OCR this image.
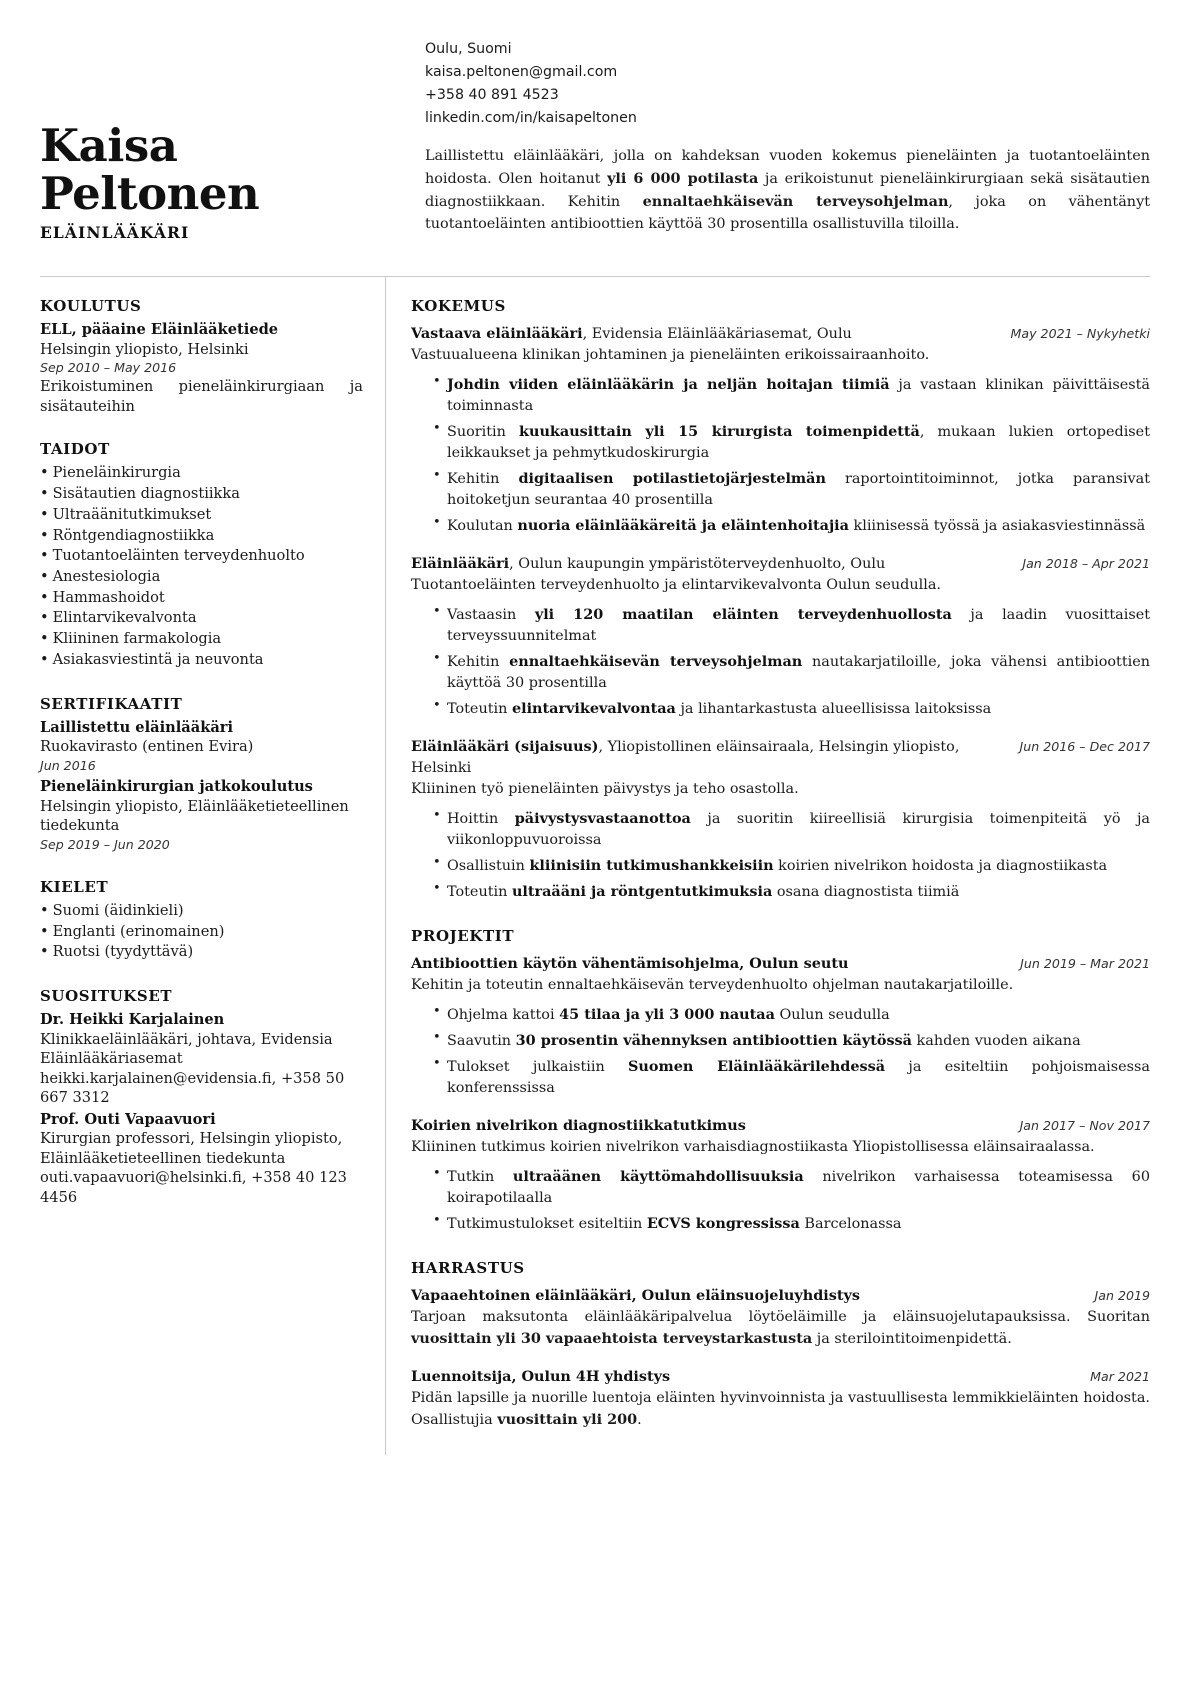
Kaisa
Peltonen
ELÄINLÄÄKÄRI
Oulu, Suomi
kaisa.peltonen@gmail.com
+358 40 891 4523
linkedin.com/in/kaisapeltonen
Laillistettu eläinlääkäri, jolla on kahdeksan vuoden kokemus pieneläinten ja tuotantoeläinten hoidosta. Olen hoitanut yli 6 000 potilasta ja erikoistunut pieneläinkirurgiaan sekä sisätautien diagnostiikkaan. Kehitin ennaltaehkäisevän terveysohjelman, joka on vähentänyt tuotantoeläinten antibioottien käyttöä 30 prosentilla osallistuvilla tiloilla.
KOULUTUS
ELL, pääaine Eläinlääketiede
Helsingin yliopisto, Helsinki
Sep 2010 – May 2016
Erikoistuminen pieneläinkirurgiaan ja sisätauteihin
TAIDOT
• Pieneläinkirurgia
• Sisätautien diagnostiikka
• Ultraäänitutkimukset
• Röntgendiagnostiikka
• Tuotantoeläinten terveydenhuolto
• Anestesiologia
• Hammashoidot
• Elintarvikevalvonta
• Kliininen farmakologia
• Asiakasviestintä ja neuvonta
SERTIFIKAATIT
Laillistettu eläinlääkäri
Ruokavirasto (entinen Evira)
Jun 2016
Pieneläinkirurgian jatkokoulutus
Helsingin yliopisto, Eläinlääketieteellinen tiedekunta
Sep 2019 – Jun 2020
KIELET
• Suomi (äidinkieli)
• Englanti (erinomainen)
• Ruotsi (tyydyttävä)
SUOSITUKSET
Dr. Heikki Karjalainen
Klinikkaeläinlääkäri, johtava, Evidensia Eläinlääkäriasemat
heikki.karjalainen@evidensia.fi, +358 50 667 3312
Prof. Outi Vapaavuori
Kirurgian professori, Helsingin yliopisto, Eläinlääketieteellinen tiedekunta
outi.vapaavuori@helsinki.fi, +358 40 123 4456
KOKEMUS
Vastaava eläinlääkäri, Evidensia Eläinlääkäriasemat, Oulu	May 2021 – Nykyhetki
Vastuualueena klinikan johtaminen ja pieneläinten erikoissairaanhoito.
• Johdin viiden eläinlääkärin ja neljän hoitajan tiimiä ja vastaan klinikan päivittäisestä toiminnasta
• Suoritin kuukausittain yli 15 kirurgista toimenpidettä, mukaan lukien ortopediset leikkaukset ja pehmytkudoskirurgia
• Kehitin digitaalisen potilastietojärjestelmän raportointitoiminnot, jotka paransivat hoitoketjun seurantaa 40 prosentilla
• Koulutan nuoria eläinlääkäreitä ja eläintenhoitajia kliinisessä työssä ja asiakasviestinnässä
Eläinlääkäri, Oulun kaupungin ympäristöterveydenhuolto, Oulu	Jan 2018 – Apr 2021
Tuotantoeläinten terveydenhuolto ja elintarvikevalvonta Oulun seudulla.
• Vastaasin yli 120 maatilan eläinten terveydenhuollosta ja laadin vuosittaiset terveyssuunnitelmat
• Kehitin ennaltaehkäisevän terveysohjelman nautakarjatiloille, joka vähensi antibioottien käyttöä 30 prosentilla
• Toteutin elintarvikevalvontaa ja lihantarkastusta alueellisissa laitoksissa
Eläinlääkäri (sijaisuus), Yliopistollinen eläinsairaala, Helsingin yliopisto, Helsinki
Jun 2016 – Dec 2017
Kliininen työ pieneläinten päivystys ja teho osastolla.
• Hoittin päivystysvastaanottoa ja suoritin kiireellisiä kirurgisia toimenpiteitä yö ja viikonloppuvuoroissa
• Osallistuin kliinisiin tutkimushankkeisiin koirien nivelrikon hoidosta ja diagnostiikasta
• Toteutin ultraääni ja röntgentutkimuksia osana diagnostista tiimiä
PROJEKTIT
Antibioottien käytön vähentämisohjelma, Oulun seutu	Jun 2019 – Mar 2021
Kehitin ja toteutin ennaltaehkäisevän terveydenhuolto ohjelman nautakarjatiloille.
• Ohjelma kattoi 45 tilaa ja yli 3 000 nautaa Oulun seudulla
• Saavutin 30 prosentin vähennyksen antibioottien käytössä kahden vuoden aikana
• Tulokset julkaistiin Suomen Eläinlääkärilehdessä ja esiteltiin pohjoismaisessa konferenssissa
Koirien nivelrikon diagnostiikkatutkimus	Jan 2017 – Nov 2017
Kliininen tutkimus koirien nivelrikon varhaisdiagnostiikasta Yliopistollisessa eläinsairaalassa.
• Tutkin ultraäänen käyttömahdollisuuksia nivelrikon varhaisessa toteamisessa 60 koirapotilaalla
• Tutkimustulokset esiteltiin ECVS kongressissa Barcelonassa
HARRASTUS
Vapaaehtoinen eläinlääkäri, Oulun eläinsuojeluyhdistys	Jan 2019
Tarjoan maksutonta eläinlääkäripalvelua löytöeläimille ja eläinsuojelutapauksissa. Suoritan vuosittain yli 30 vapaaehtoista terveystarkastusta ja sterilointitoimenpidettä.
Luennoitsija, Oulun 4H yhdistys	Mar 2021
Pidän lapsille ja nuorille luentoja eläinten hyvinvoinnista ja vastuullisesta lemmikkieläinten hoidosta. Osallistujia vuosittain yli 200.
